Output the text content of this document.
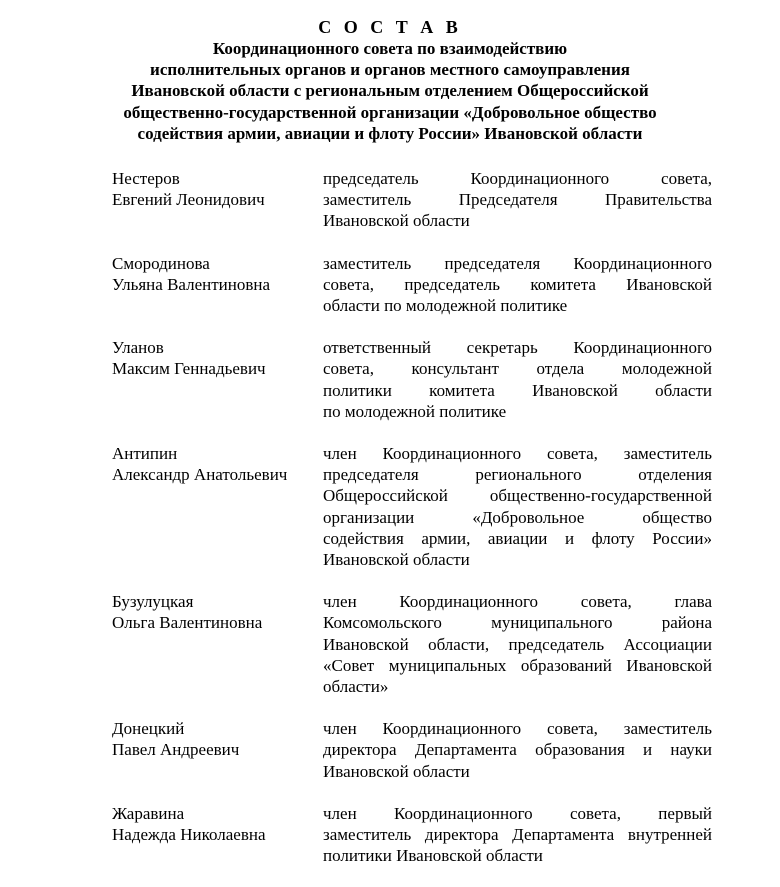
С О С Т А В
Координационного совета по взаимодействию
исполнительных органов и органов местного самоуправления
Ивановской области с региональным отделением Общероссийской
общественно-государственной организации «Добровольное общество
содействия армии, авиации и флоту России» Ивановской области
Нестеров
Евгений Леонидович
председатель Координационного совета,
заместитель Председателя Правительства
Ивановской области
Смородинова
Ульяна Валентиновна
заместитель председателя Координационного
совета, председатель комитета Ивановской
области по молодежной политике
Уланов
Максим Геннадьевич
ответственный секретарь Координационного
совета, консультант отдела молодежной
политики комитета Ивановской области
по молодежной политике
Антипин
Александр Анатольевич
член Координационного совета, заместитель
председателя регионального отделения
Общероссийской общественно-государственной
организации «Добровольное общество
содействия армии, авиации и флоту России»
Ивановской области
Бузулуцкая
Ольга Валентиновна
член Координационного совета, глава
Комсомольского муниципального района
Ивановской области, председатель Ассоциации
«Совет муниципальных образований Ивановской
области»
Донецкий
Павел Андреевич
член Координационного совета, заместитель
директора Департамента образования и науки
Ивановской области
Жаравина
Надежда Николаевна
член Координационного совета, первый
заместитель директора Департамента внутренней
политики Ивановской области
